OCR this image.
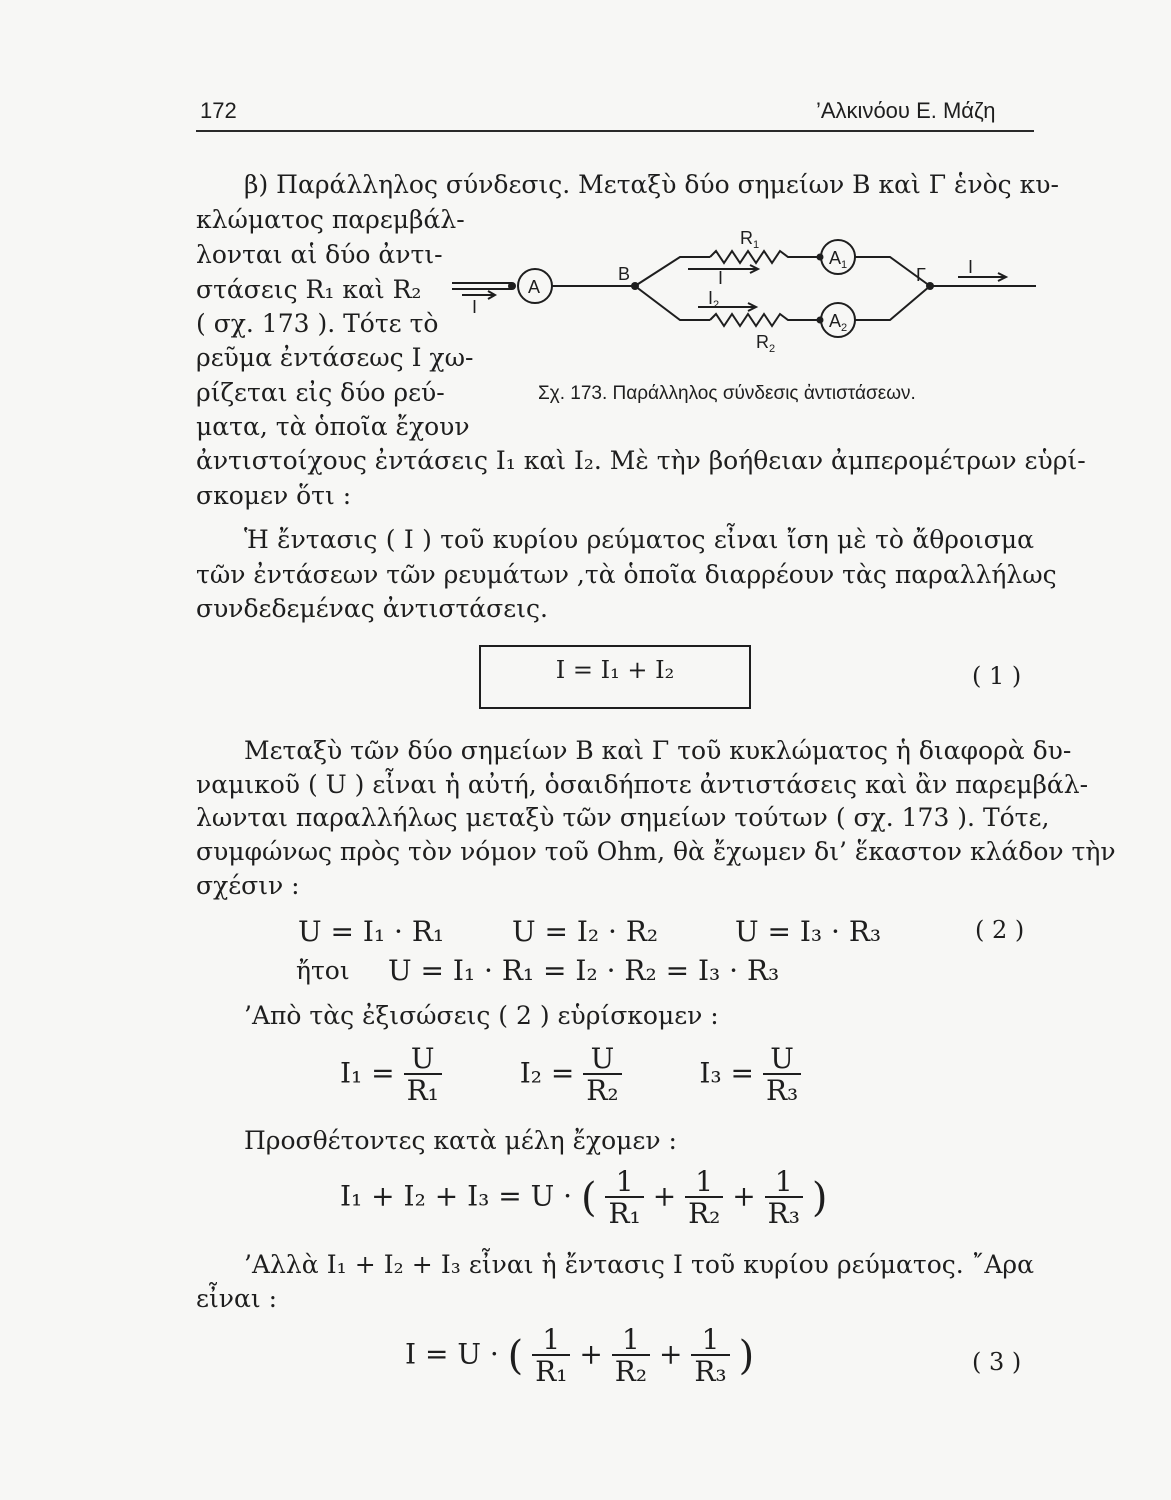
172	’Αλκινόου Ε. Μάζη
β) Παράλληλος σύνδεσις. Μεταξὺ δύο σημείων Β καὶ Γ ἑνὸς κυ-
κλώματος παρεμβάλ-
λονται αἱ δύο ἀντι-
στάσεις R₁ καὶ R₂
( σχ. 173 ). Τότε τὸ
ρεῦμα ἐντάσεως Ι χω-
ρίζεται εἰς δύο ρεύ-
ματα, τὰ ὁποῖα ἔχουν
ἀντιστοίχους ἐντάσεις Ι₁ καὶ Ι₂. Μὲ τὴν βοήθειαν ἀμπερομέτρων εὑρί-
σκομεν ὅτι :
A
$A_1$
$A_2$
B	Γ
$R_1$
$R_2$
I
$I_2$
I
I
Σχ. 173. Παράλληλος σύνδεσις ἀντιστάσεων.
Ἡ ἔντασις ( Ι ) τοῦ κυρίου ρεύματος εἶναι ἴση μὲ τὸ ἄθροισμα
τῶν ἐντάσεων τῶν ρευμάτων ,τὰ ὁποῖα διαρρέουν τὰς παραλλήλως
συνδεδεμένας ἀντιστάσεις.
Ι = Ι₁ + Ι₂	( 1 )
Μεταξὺ τῶν δύο σημείων Β καὶ Γ τοῦ κυκλώματος ἡ διαφορὰ δυ-
ναμικοῦ ( U ) εἶναι ἡ αὐτή, ὁσαιδήποτε ἀντιστάσεις καὶ ἂν παρεμβάλ-
λωνται παραλλήλως μεταξὺ τῶν σημείων τούτων ( σχ. 173 ). Τότε,
συμφώνως πρὸς τὸν νόμον τοῦ Ohm, θὰ ἔχωμεν δι’ ἕκαστον κλάδον τὴν
σχέσιν :
U = Ι₁ · R₁ U = Ι₂ · R₂	U = Ι₃ · R₃	( 2 )
ἤτοι U = Ι₁ · R₁ = Ι₂ · R₂ = Ι₃ · R₃
’Απὸ τὰς ἐξισώσεις ( 2 ) εὑρίσκομεν :
$I_1 = \frac{U}{\text{R₁}}$	$I_2 = \frac{U}{\text{R₂}}$	$I_3 = \frac{U}{\text{R₃}}$
Προσθέτοντες κατὰ μέλη ἔχομεν :
I₁ + I₂ + I₃ = U · ( $\frac{1}{\text{R₁}} + \frac{1}{\text{R₂}} + \frac{1}{\text{R₃}}$ )
’Αλλὰ Ι₁ + Ι₂ + Ι₃ εἶναι ἡ ἔντασις Ι τοῦ κυρίου ρεύματος. ῎Αρα
εἶναι :
I = U · ( $\frac{1}{\text{R₁}} + \frac{1}{\text{R₂}} + \frac{1}{\text{R₃}}$ )	( 3 )
